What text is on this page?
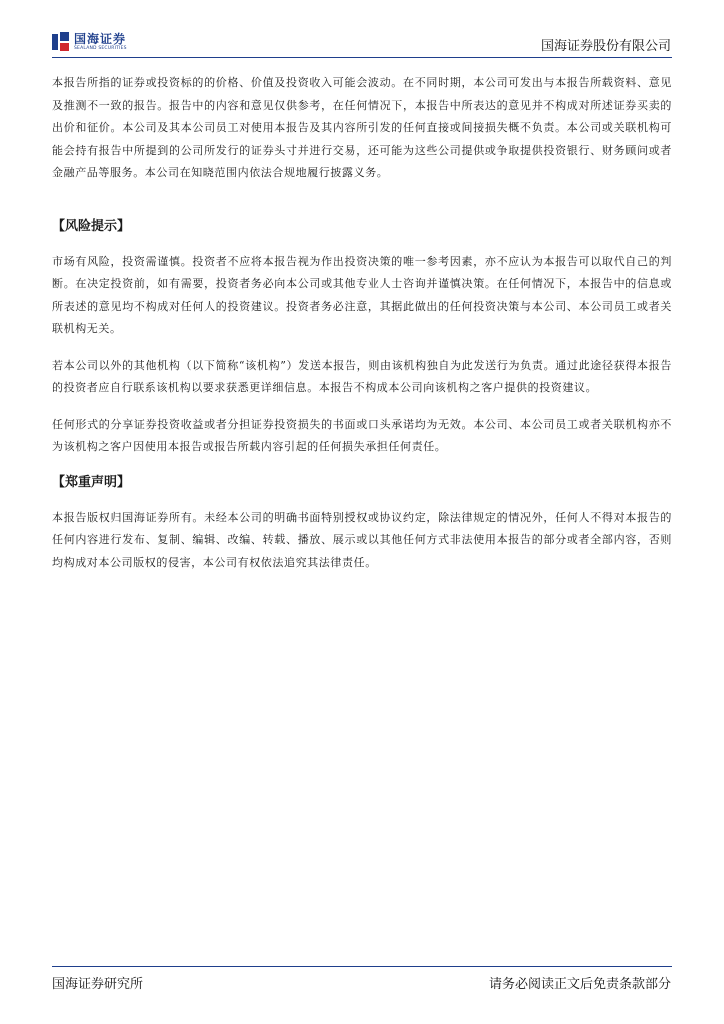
国海证券
SEALAND SECURITIES	国海证券股份有限公司

本报告所指的证券或投资标的的价格、价值及投资收入可能会波动。在不同时期，本公司可发出与本报告所载资料、意见及推测不一致的报告。报告中的内容和意见仅供参考，在任何情况下，本报告中所表达的意见并不构成对所述证券买卖的出价和征价。本公司及其本公司员工对使用本报告及其内容所引发的任何直接或间接损失概不负责。本公司或关联机构可能会持有报告中所提到的公司所发行的证券头寸并进行交易，还可能为这些公司提供或争取提供投资银行、财务顾问或者金融产品等服务。本公司在知晓范围内依法合规地履行披露义务。

【风险提示】

市场有风险，投资需谨慎。投资者不应将本报告视为作出投资决策的唯一参考因素，亦不应认为本报告可以取代自己的判断。在决定投资前，如有需要，投资者务必向本公司或其他专业人士咨询并谨慎决策。在任何情况下，本报告中的信息或所表述的意见均不构成对任何人的投资建议。投资者务必注意，其据此做出的任何投资决策与本公司、本公司员工或者关联机构无关。

若本公司以外的其他机构（以下简称“该机构”）发送本报告，则由该机构独自为此发送行为负责。通过此途径获得本报告的投资者应自行联系该机构以要求获悉更详细信息。本报告不构成本公司向该机构之客户提供的投资建议。

任何形式的分享证券投资收益或者分担证券投资损失的书面或口头承诺均为无效。本公司、本公司员工或者关联机构亦不为该机构之客户因使用本报告或报告所载内容引起的任何损失承担任何责任。

【郑重声明】

本报告版权归国海证券所有。未经本公司的明确书面特别授权或协议约定，除法律规定的情况外，任何人不得对本报告的任何内容进行发布、复制、编辑、改编、转载、播放、展示或以其他任何方式非法使用本报告的部分或者全部内容，否则均构成对本公司版权的侵害，本公司有权依法追究其法律责任。

国海证券研究所	请务必阅读正文后免责条款部分
